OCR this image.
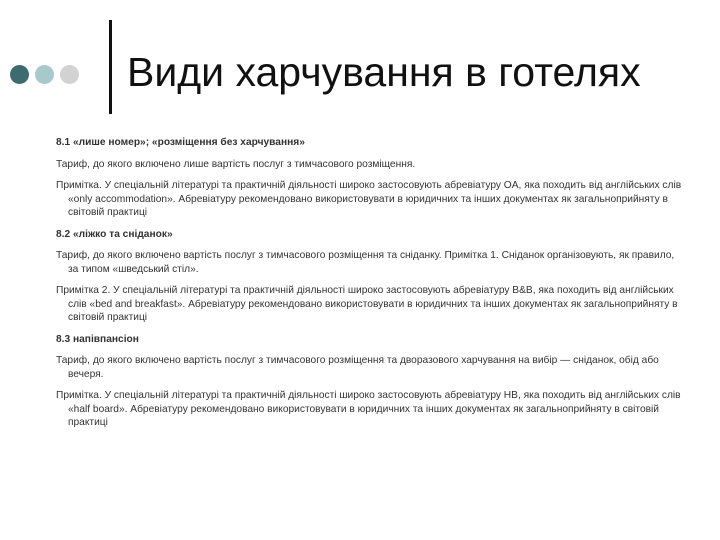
Види харчування в готелях

8.1 «лише номер»; «розміщення без харчування»

Тариф, до якого включено лише вартість послуг з тимчасового розміщення.

Примітка. У спеціальній літературі та практичній діяльності широко застосовують абревіатуру OA, яка походить від англійських слів «only accommodation». Абревіатуру рекомендовано використовувати в юридичних та інших документах як загальноприйняту в світовій практиці

8.2 «ліжко та сніданок»

Тариф, до якого включено вартість послуг з тимчасового розміщення та сніданку. Примітка 1. Сніданок організовують, як правило, за типом «шведський стіл».

Примітка 2. У спеціальній літературі та практичній діяльності широко застосовують абревіатуру B&B, яка походить від англійських слів «bed and breakfast». Абревіатуру рекомендовано використовувати в юридичних та інших документах як загальноприйняту в світовій практиці

8.3 напівпансіон

Тариф, до якого включено вартість послуг з тимчасового розміщення та дворазового харчування на вибір — сніданок, обід або вечеря.

Примітка. У спеціальній літературі та практичній діяльності широко застосовують абревіатуру HB, яка походить від англійських слів «half board». Абревіатуру рекомендовано використовувати в юридичних та інших документах як загальноприйняту в світовій практиці
